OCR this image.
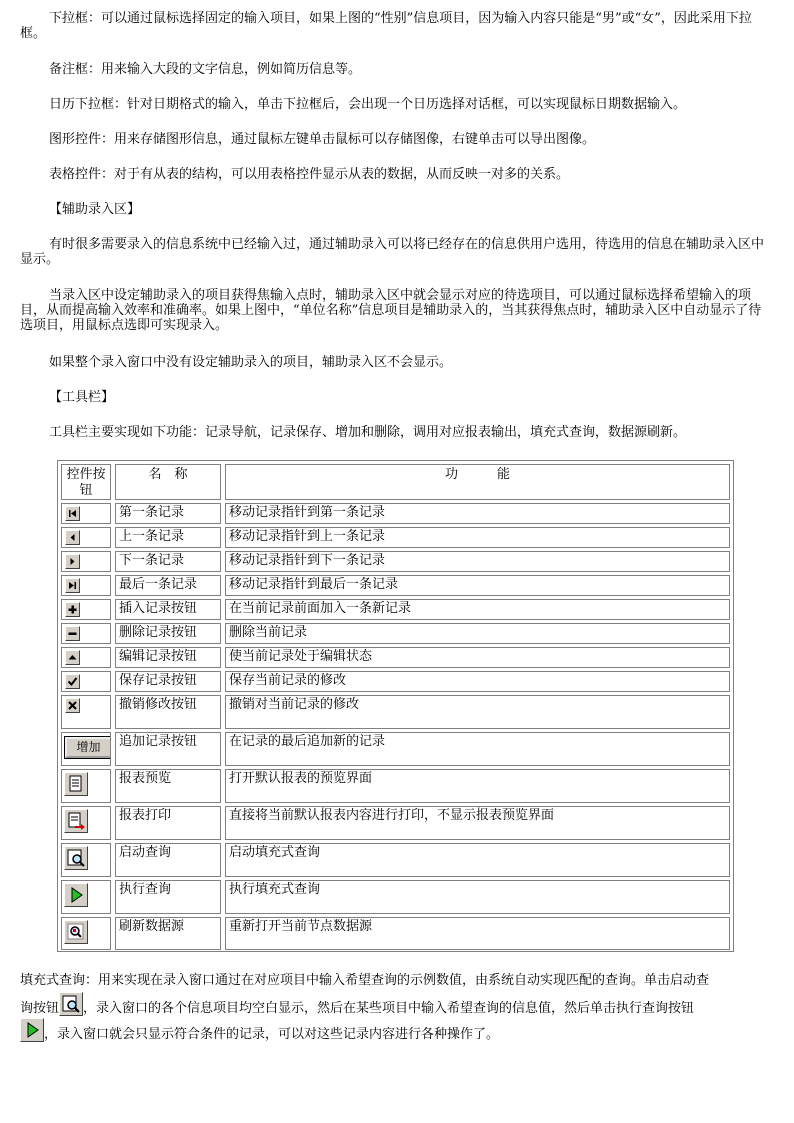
下拉框：可以通过鼠标选择固定的输入项目，如果上图的“性别”信息项目，因为输入内容只能是“男”或“女”，因此采用下拉框。

备注框：用来输入大段的文字信息，例如简历信息等。

日历下拉框：针对日期格式的输入，单击下拉框后，会出现一个日历选择对话框，可以实现鼠标日期数据输入。

图形控件：用来存储图形信息，通过鼠标左键单击鼠标可以存储图像，右键单击可以导出图像。

表格控件：对于有从表的结构，可以用表格控件显示从表的数据，从而反映一对多的关系。

【辅助录入区】

有时很多需要录入的信息系统中已经输入过，通过辅助录入可以将已经存在的信息供用户选用，待选用的信息在辅助录入区中显示。

当录入区中设定辅助录入的项目获得焦输入点时，辅助录入区中就会显示对应的待选项目，可以通过鼠标选择希望输入的项目，从而提高输入效率和准确率。如果上图中，“单位名称”信息项目是辅助录入的，当其获得焦点时，辅助录入区中自动显示了待选项目，用鼠标点选即可实现录入。

如果整个录入窗口中没有设定辅助录入的项目，辅助录入区不会显示。

【工具栏】

工具栏主要实现如下功能：记录导航，记录保存、增加和删除，调用对应报表输出，填充式查询，数据源刷新。

控件按钮
名　称	功　　　能
第一条记录	移动记录指针到第一条记录
上一条记录	移动记录指针到上一条记录
下一条记录	移动记录指针到下一条记录
最后一条记录	移动记录指针到最后一条记录
插入记录按钮	在当前记录前面加入一条新记录
删除记录按钮	删除当前记录
编辑记录按钮	使当前记录处于编辑状态
保存记录按钮	保存当前记录的修改
撤销修改按钮	撤销对当前记录的修改
增加	追加记录按钮	在记录的最后追加新的记录
报表预览	打开默认报表的预览界面
报表打印	直接将当前默认报表内容进行打印，不显示报表预览界面
启动查询	启动填充式查询
执行查询	执行填充式查询
刷新数据源	重新打开当前节点数据源
填充式查询：用来实现在录入窗口通过在对应项目中输入希望查询的示例数值，由系统自动实现匹配的查询。单击启动查
询按钮 ，录入窗口的各个信息项目均空白显示，然后在某些项目中输入希望查询的信息值，然后单击执行查询按钮
，录入窗口就会只显示符合条件的记录，可以对这些记录内容进行各种操作了。
